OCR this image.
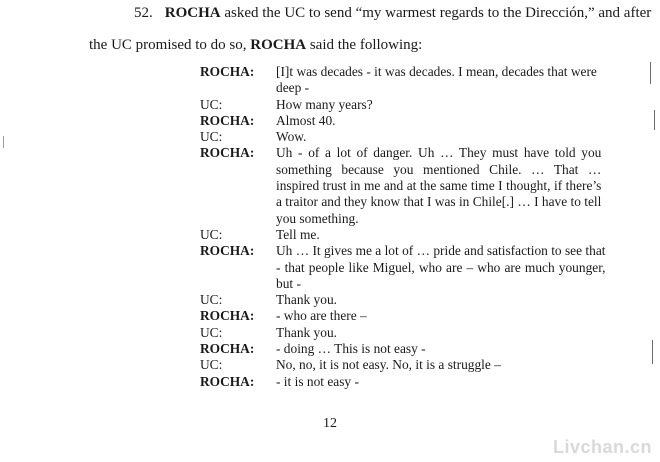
52. ROCHA asked the UC to send “my warmest regards to the Dirección,” and after
the UC promised to do so, ROCHA said the following:
ROCHA:	[I]t was decades - it was decades. I mean, decades that were
deep -
UC:	How many years?
ROCHA:	Almost 40.
UC:	Wow.
ROCHA:	Uh - of a lot of danger. Uh … They must have told you
something because you mentioned Chile. … That …
inspired trust in me and at the same time I thought, if there’s
a traitor and they know that I was in Chile[.] … I have to tell
you something.
UC:	Tell me.
ROCHA:	Uh … It gives me a lot of … pride and satisfaction to see that
- that people like Miguel, who are – who are much younger,
but -
UC:	Thank you.
ROCHA:	- who are there –
UC:	Thank you.
ROCHA:	- doing … This is not easy -
UC:	No, no, it is not easy. No, it is a struggle –
ROCHA:	- it is not easy -
12
Livchan.cn
